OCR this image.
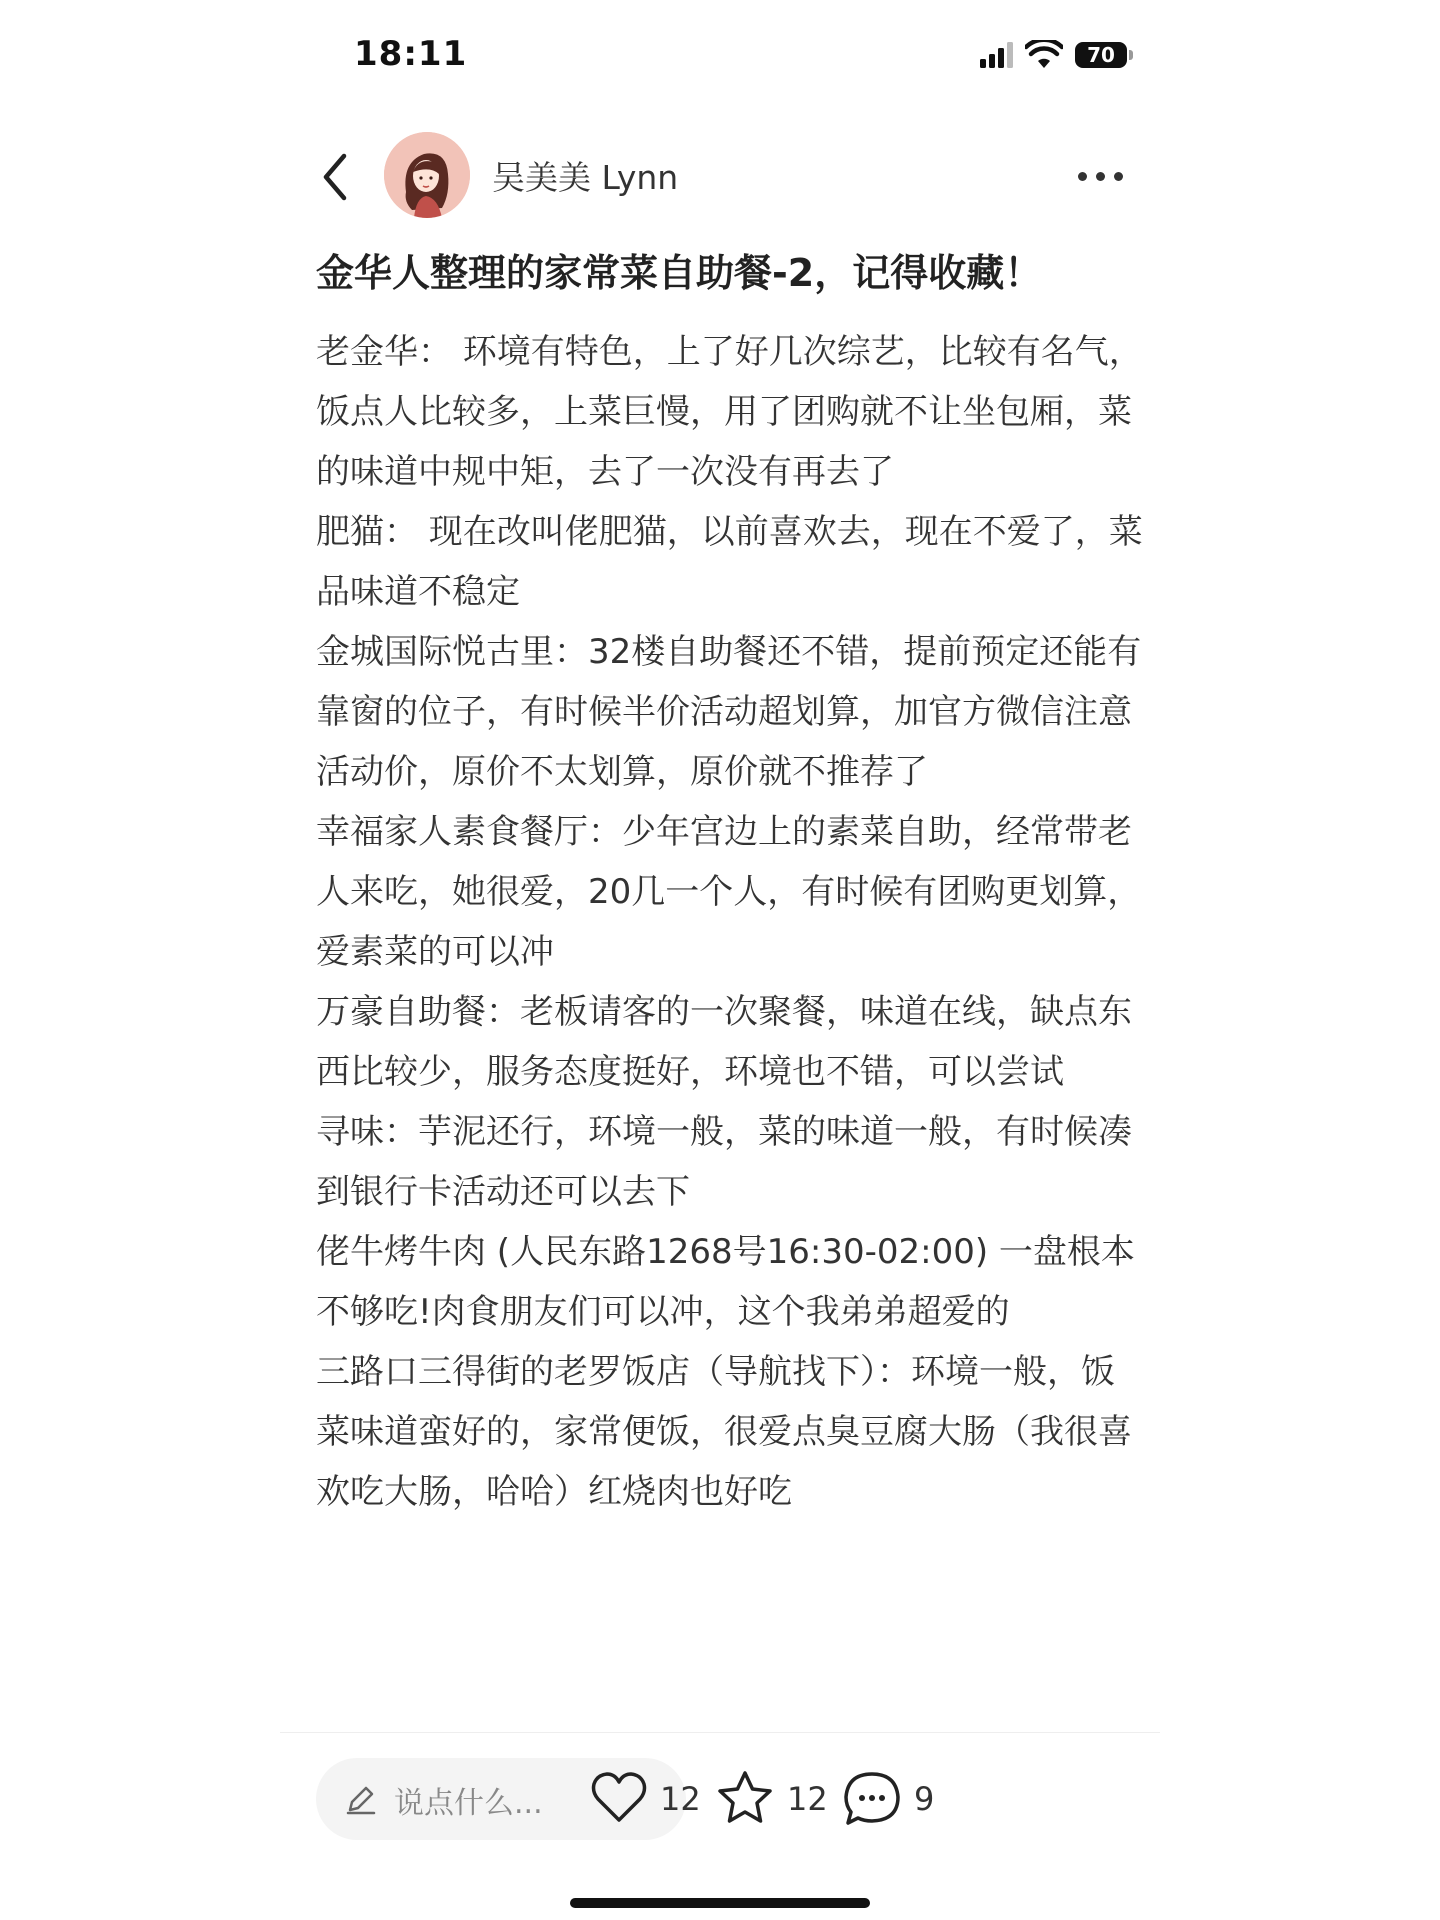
18:11	70
吴美美 Lynn
金华人整理的家常菜自助餐-2，记得收藏！

老金华： 环境有特色，上了好几次综艺，比较有名气，饭点人比较多，上菜巨慢，用了团购就不让坐包厢，菜的味道中规中矩，去了一次没有再去了

肥猫： 现在改叫佬肥猫，以前喜欢去，现在不爱了，菜品味道不稳定

金城国际悦古里：32楼自助餐还不错，提前预定还能有靠窗的位子，有时候半价活动超划算，加官方微信注意活动价，原价不太划算，原价就不推荐了

幸福家人素食餐厅：少年宫边上的素菜自助，经常带老人来吃，她很爱，20几一个人，有时候有团购更划算，爱素菜的可以冲

万豪自助餐：老板请客的一次聚餐，味道在线，缺点东西比较少，服务态度挺好，环境也不错，可以尝试

寻味：芋泥还行，环境一般，菜的味道一般，有时候凑到银行卡活动还可以去下

佬牛烤牛肉 (人民东路1268号16:30-02:00) 一盘根本不够吃!肉食朋友们可以冲，这个我弟弟超爱的

三路口三得街的老罗饭店（导航找下）：环境一般，饭菜味道蛮好的，家常便饭，很爱点臭豆腐大肠（我很喜欢吃大肠，哈哈）红烧肉也好吃

说点什么...	12	12	9
